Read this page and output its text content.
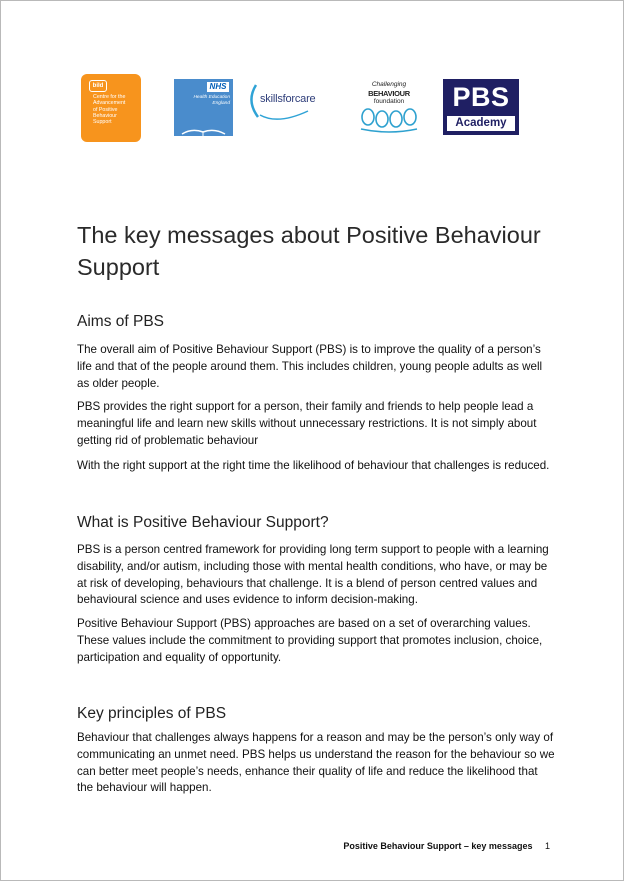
bild
Centre for the
Advancement
of Positive
Behaviour
Support
NHS
Health Education
England	skillsforcare
Challenging
BEHAVIOUR
foundation	PBS
Academy
The key messages about Positive Behaviour Support
Aims of PBS

The overall aim of Positive Behaviour Support (PBS) is to improve the quality of a person’s life and that of the people around them. This includes children, young people adults as well as older people.

PBS provides the right support for a person, their family and friends to help people lead a meaningful life and learn new skills without unnecessary restrictions. It is not simply about getting rid of problematic behaviour

With the right support at the right time the likelihood of behaviour that challenges is reduced.

What is Positive Behaviour Support?

PBS is a person centred framework for providing long term support to people with a learning disability, and/or autism, including those with mental health conditions, who have, or may be at risk of developing, behaviours that challenge. It is a blend of person centred values and behavioural science and uses evidence to inform decision-making.

Positive Behaviour Support (PBS) approaches are based on a set of overarching values. These values include the commitment to providing support that promotes inclusion, choice, participation and equality of opportunity.

Key principles of PBS

Behaviour that challenges always happens for a reason and may be the person’s only way of communicating an unmet need. PBS helps us understand the reason for the behaviour so we can better meet people’s needs, enhance their quality of life and reduce the likelihood that the behaviour will happen.

Positive Behaviour Support – key messages 1
